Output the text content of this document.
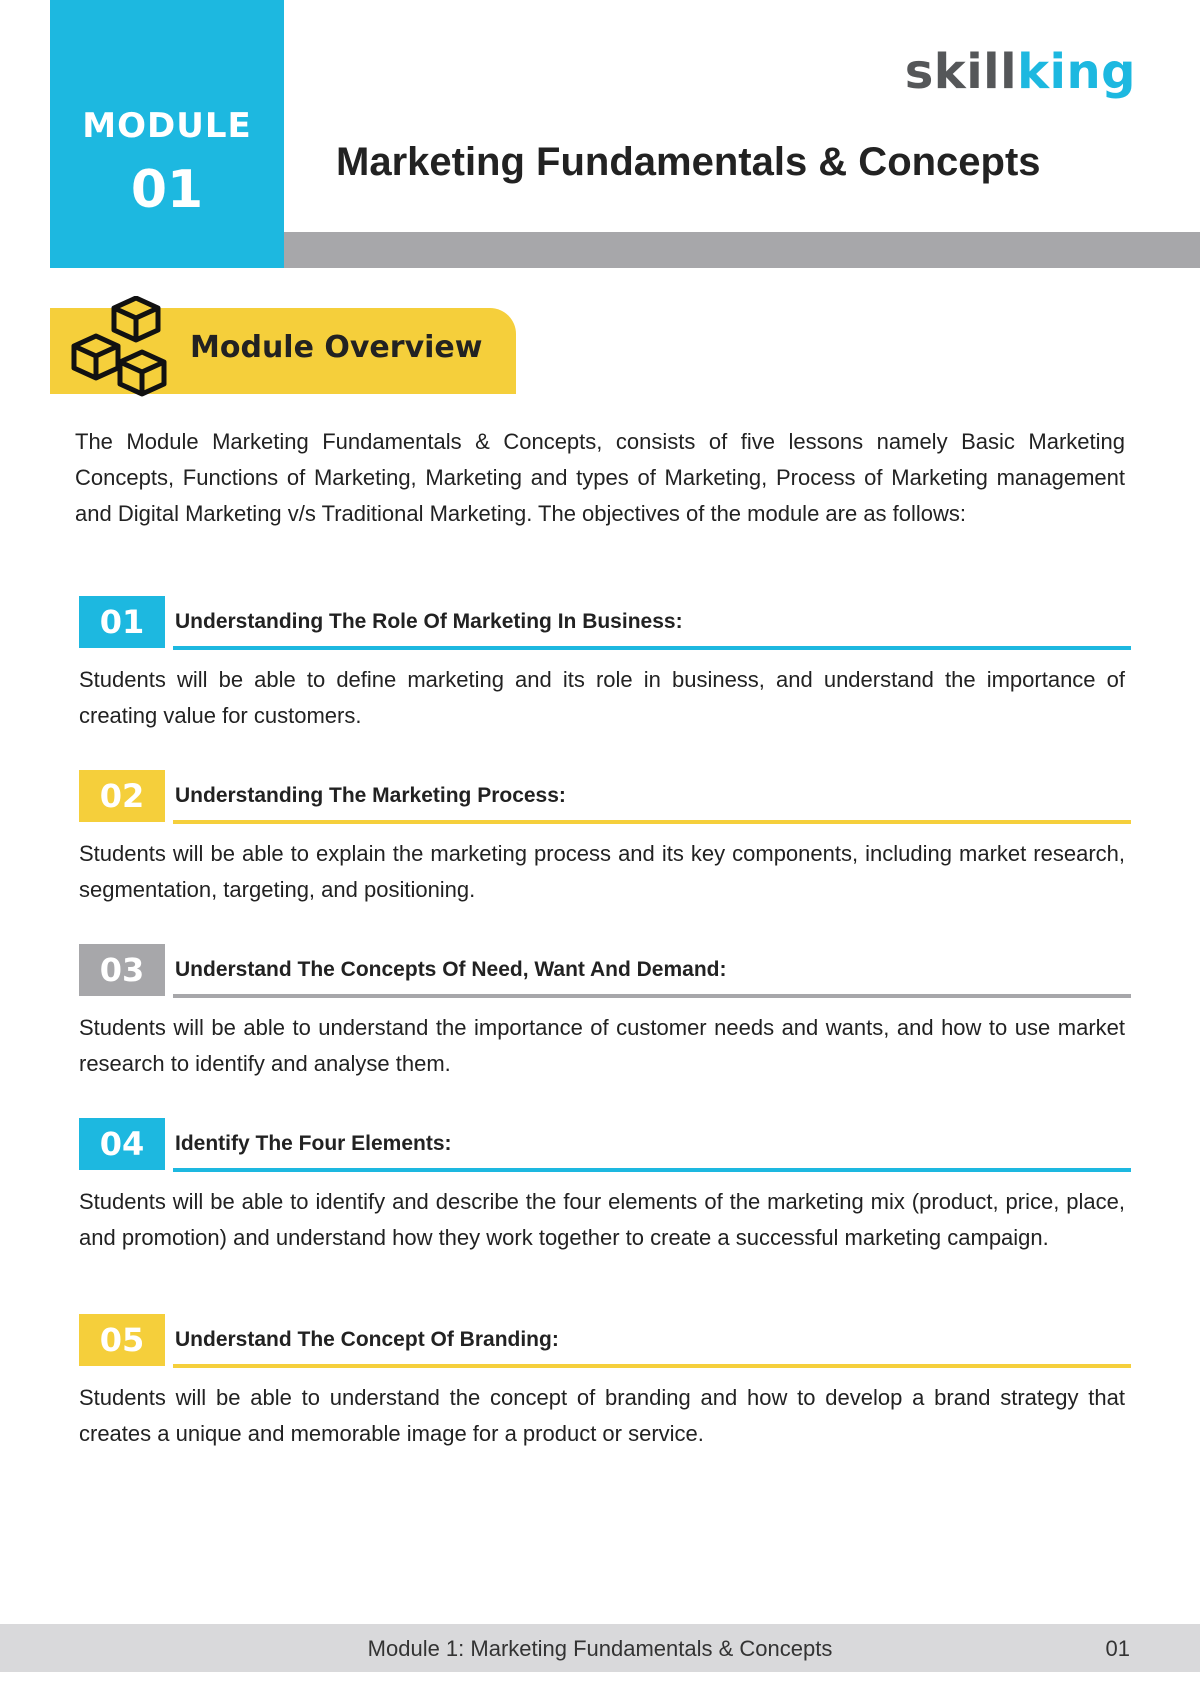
MODULE
01
skillking
Marketing Fundamentals & Concepts
Module Overview
The Module Marketing Fundamentals & Concepts, consists of five lessons namely Basic Marketing Concepts, Functions of Marketing, Marketing and types of Marketing, Process of Marketing management and Digital Marketing v/s Traditional Marketing. The objectives of the module are as follows:
01	Understanding The Role Of Marketing In Business:
Students will be able to define marketing and its role in business, and understand the importance of creating value for customers.
02	Understanding The Marketing Process:
Students will be able to explain the marketing process and its key components, including market research, segmentation, targeting, and positioning.
03	Understand The Concepts Of Need, Want And Demand:
Students will be able to understand the importance of customer needs and wants, and how to use market research to identify and analyse them.
04	Identify The Four Elements:
Students will be able to identify and describe the four elements of the marketing mix (product, price, place, and promotion) and understand how they work together to create a successful marketing campaign.
05	Understand The Concept Of Branding:
Students will be able to understand the concept of branding and how to develop a brand strategy that creates a unique and memorable image for a product or service.
Module 1: Marketing Fundamentals & Concepts	01
